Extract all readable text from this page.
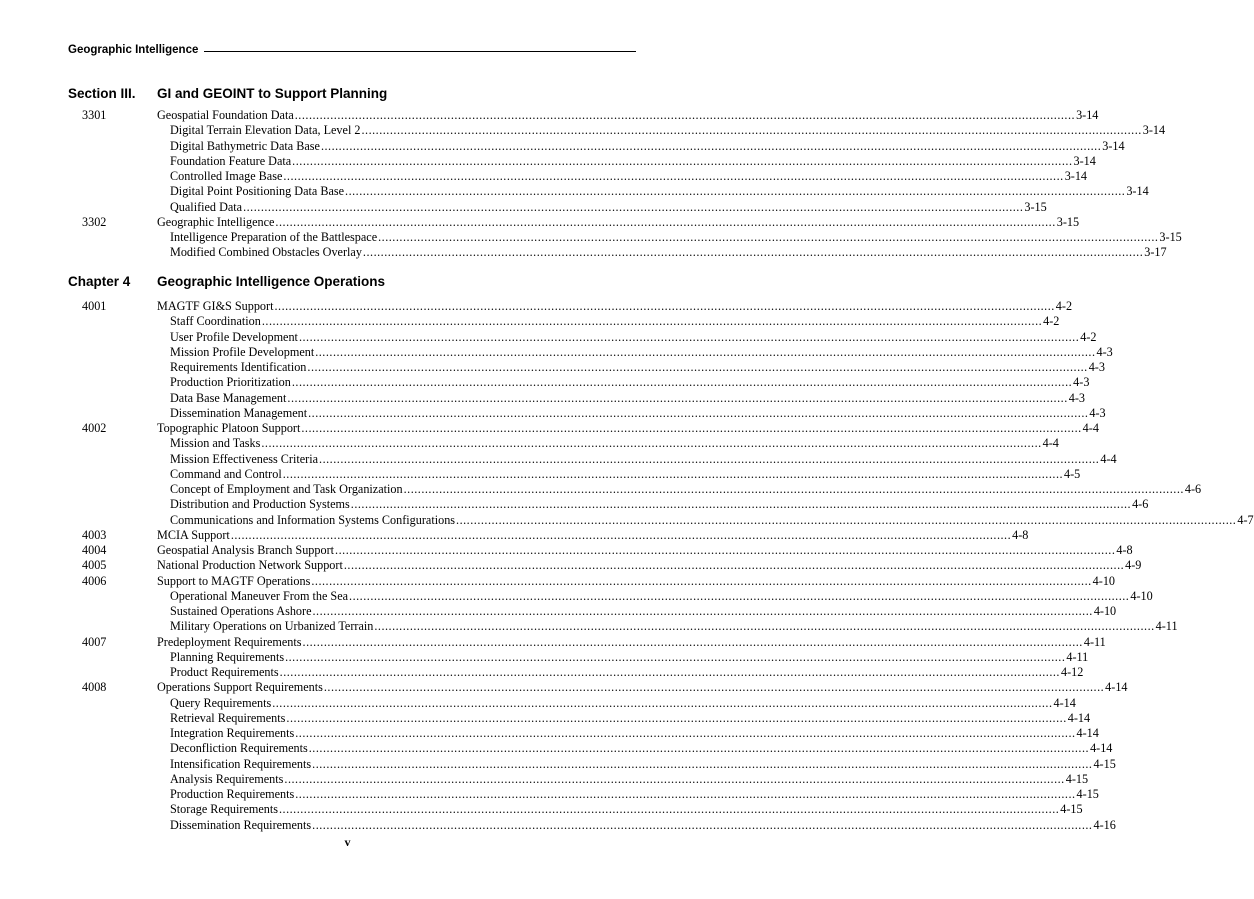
Geographic Intelligence
Section III.	GI and GEOINT to Support Planning
3301	Geospatial Foundation Data ............................................................................................................................................................................................................................ 3-14
Digital Terrain Elevation Data, Level 2 ............................................................................................................................................................................................................................ 3-14
Digital Bathymetric Data Base ............................................................................................................................................................................................................................ 3-14
Foundation Feature Data ............................................................................................................................................................................................................................ 3-14
Controlled Image Base ............................................................................................................................................................................................................................ 3-14
Digital Point Positioning Data Base ............................................................................................................................................................................................................................ 3-14
Qualified Data ............................................................................................................................................................................................................................ 3-15
3302	Geographic Intelligence ............................................................................................................................................................................................................................ 3-15
Intelligence Preparation of the Battlespace ............................................................................................................................................................................................................................ 3-15
Modified Combined Obstacles Overlay ............................................................................................................................................................................................................................ 3-17
Chapter 4	Geographic Intelligence Operations
4001	MAGTF GI&S Support ............................................................................................................................................................................................................................ 4-2
Staff Coordination ............................................................................................................................................................................................................................ 4-2
User Profile Development ............................................................................................................................................................................................................................ 4-2
Mission Profile Development ............................................................................................................................................................................................................................ 4-3
Requirements Identification ............................................................................................................................................................................................................................ 4-3
Production Prioritization ............................................................................................................................................................................................................................ 4-3
Data Base Management ............................................................................................................................................................................................................................ 4-3
Dissemination Management ............................................................................................................................................................................................................................ 4-3
4002	Topographic Platoon Support ............................................................................................................................................................................................................................ 4-4
Mission and Tasks ............................................................................................................................................................................................................................ 4-4
Mission Effectiveness Criteria ............................................................................................................................................................................................................................ 4-4
Command and Control ............................................................................................................................................................................................................................ 4-5
Concept of Employment and Task Organization ............................................................................................................................................................................................................................ 4-6
Distribution and Production Systems ............................................................................................................................................................................................................................ 4-6
Communications and Information Systems Configurations ............................................................................................................................................................................................................................ 4-7
4003	MCIA Support ............................................................................................................................................................................................................................ 4-8
4004	Geospatial Analysis Branch Support ............................................................................................................................................................................................................................ 4-8
4005	National Production Network Support ............................................................................................................................................................................................................................ 4-9
4006	Support to MAGTF Operations ............................................................................................................................................................................................................................ 4-10
Operational Maneuver From the Sea ............................................................................................................................................................................................................................ 4-10
Sustained Operations Ashore ............................................................................................................................................................................................................................ 4-10
Military Operations on Urbanized Terrain ............................................................................................................................................................................................................................ 4-11
4007	Predeployment Requirements ............................................................................................................................................................................................................................ 4-11
Planning Requirements ............................................................................................................................................................................................................................ 4-11
Product Requirements ............................................................................................................................................................................................................................ 4-12
4008	Operations Support Requirements ............................................................................................................................................................................................................................ 4-14
Query Requirements ............................................................................................................................................................................................................................ 4-14
Retrieval Requirements ............................................................................................................................................................................................................................ 4-14
Integration Requirements ............................................................................................................................................................................................................................ 4-14
Deconfliction Requirements ............................................................................................................................................................................................................................ 4-14
Intensification Requirements ............................................................................................................................................................................................................................ 4-15
Analysis Requirements ............................................................................................................................................................................................................................ 4-15
Production Requirements ............................................................................................................................................................................................................................ 4-15
Storage Requirements ............................................................................................................................................................................................................................ 4-15
Dissemination Requirements ............................................................................................................................................................................................................................ 4-16
v
